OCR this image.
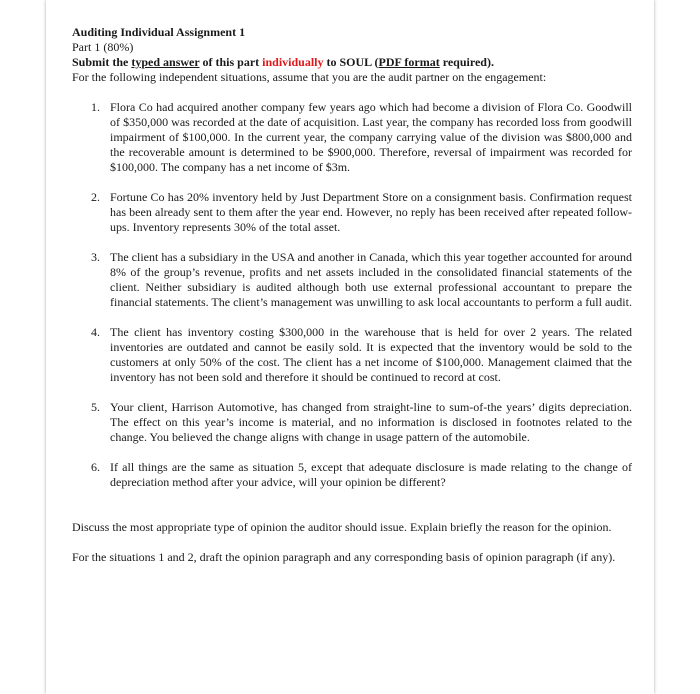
Auditing Individual Assignment 1
Part 1 (80%)
Submit the typed answer of this part individually to SOUL (PDF format required).
For the following independent situations, assume that you are the audit partner on the engagement:
1. Flora Co had acquired another company few years ago which had become a division of Flora Co. Goodwill of $350,000 was recorded at the date of acquisition. Last year, the company has recorded loss from goodwill impairment of $100,000. In the current year, the company carrying value of the division was $800,000 and the recoverable amount is determined to be $900,000. Therefore, reversal of impairment was recorded for $100,000. The company has a net income of $3m.
2. Fortune Co has 20% inventory held by Just Department Store on a consignment basis. Confirmation request has been already sent to them after the year end. However, no reply has been received after repeated follow-ups. Inventory represents 30% of the total asset.
3. The client has a subsidiary in the USA and another in Canada, which this year together accounted for around 8% of the group’s revenue, profits and net assets included in the consolidated financial statements of the client. Neither subsidiary is audited although both use external professional accountant to prepare the financial statements. The client’s management was unwilling to ask local accountants to perform a full audit.
4. The client has inventory costing $300,000 in the warehouse that is held for over 2 years. The related inventories are outdated and cannot be easily sold. It is expected that the inventory would be sold to the customers at only 50% of the cost. The client has a net income of $100,000. Management claimed that the inventory has not been sold and therefore it should be continued to record at cost.
5. Your client, Harrison Automotive, has changed from straight-line to sum-of-the years’ digits depreciation. The effect on this year’s income is material, and no information is disclosed in footnotes related to the change. You believed the change aligns with change in usage pattern of the automobile.
6. If all things are the same as situation 5, except that adequate disclosure is made relating to the change of depreciation method after your advice, will your opinion be different?
Discuss the most appropriate type of opinion the auditor should issue. Explain briefly the reason for the opinion.
For the situations 1 and 2, draft the opinion paragraph and any corresponding basis of opinion paragraph (if any).
